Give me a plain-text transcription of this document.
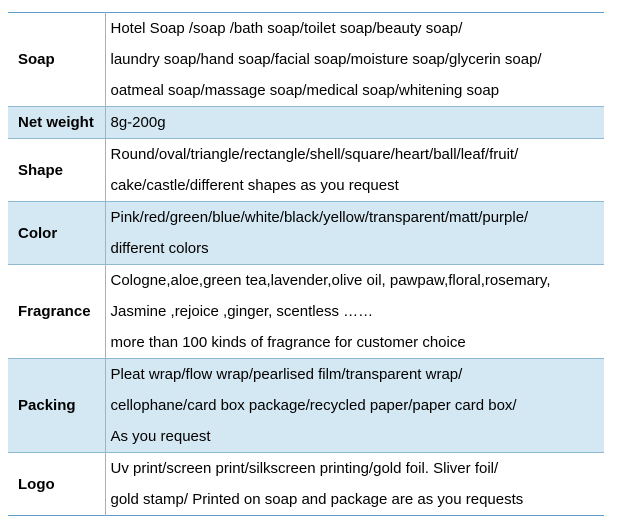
Soap	Hotel Soap /soap /bath soap/toilet soap/beauty soap/
laundry soap/hand soap/facial soap/moisture soap/glycerin soap/
oatmeal soap/massage soap/medical soap/whitening soap

Net weight	8g-200g

Shape	Round/oval/triangle/rectangle/shell/square/heart/ball/leaf/fruit/
cake/castle/different shapes as you request

Color	Pink/red/green/blue/white/black/yellow/transparent/matt/purple/
different colors

Fragrance	Cologne,aloe,green tea,lavender,olive oil, pawpaw,floral,rosemary,
Jasmine ,rejoice ,ginger, scentless ……
more than 100 kinds of fragrance for customer choice

Packing	Pleat wrap/flow wrap/pearlised film/transparent wrap/
cellophane/card box package/recycled paper/paper card box/
As you request

Logo	Uv print/screen print/silkscreen printing/gold foil. Sliver foil/
gold stamp/ Printed on soap and package are as you requests
